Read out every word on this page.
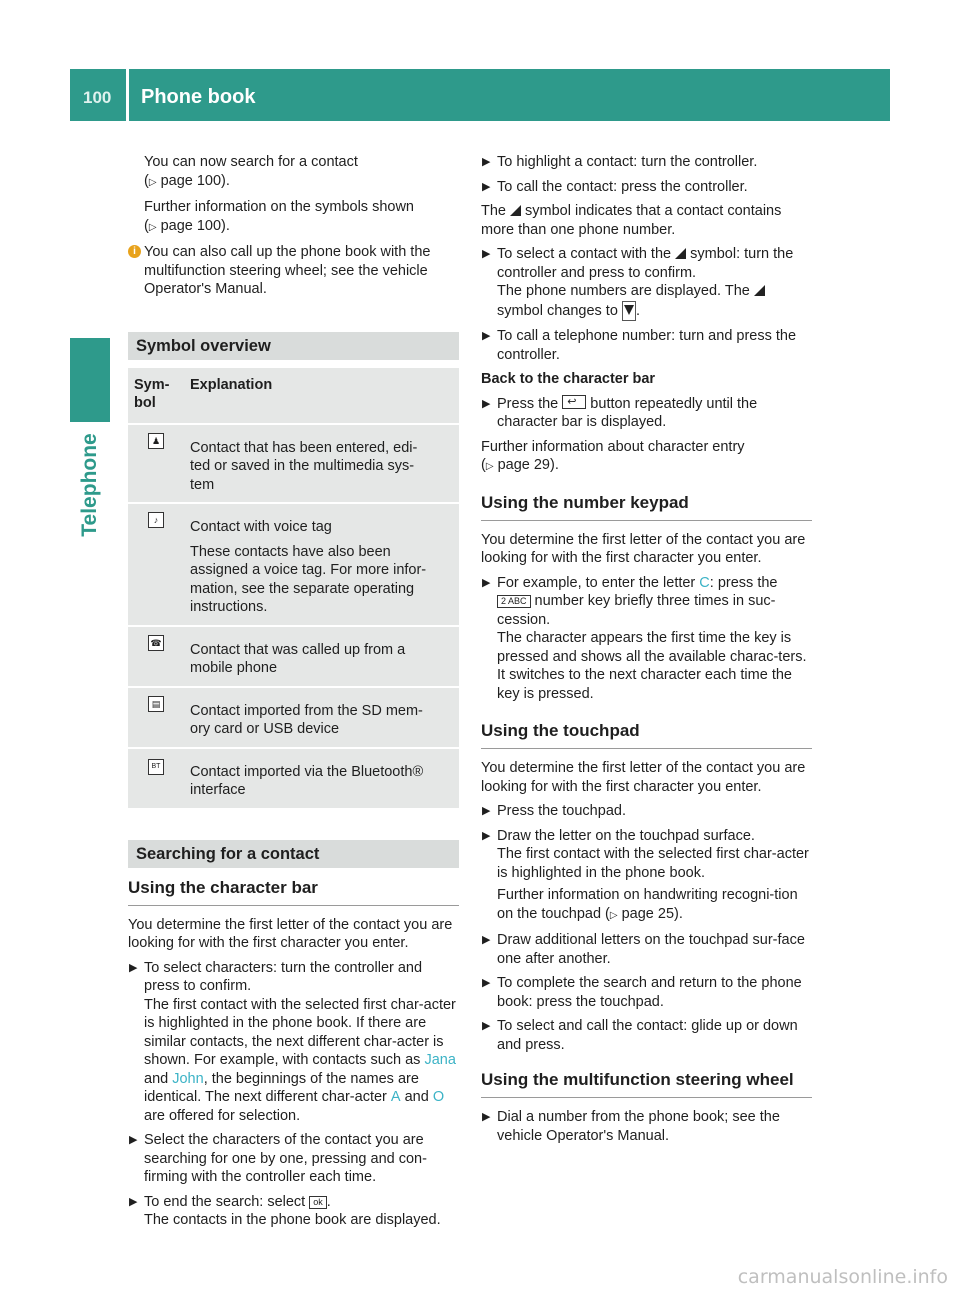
100 Phone book
Telephone
You can now search for a contact

(▷ page 100).

Further information on the symbols shown

(▷ page 100).

i You can also call up the phone book with the multifunction steering wheel; see the vehicle Operator's Manual.
Symbol overview
Sym-
bol	Explanation
♟	Contact that has been entered, edi-
ted or saved in the multimedia sys-
tem

♪	Contact with voice tag
These contacts have also been
assigned a voice tag. For more infor-
mation, see the separate operating
instructions.

☎	Contact that was called up from a
mobile phone

▤	Contact imported from the SD mem-
ory card or USB device

BT	Contact imported via the Bluetooth®
interface
Searching for a contact
Using the character bar

You determine the first letter of the contact you are looking for with the first character you enter.

▶ To select characters: turn the controller and press to confirm.
The first contact with the selected first char-acter is highlighted in the phone book. If there are similar contacts, the next different char-acter is shown. For example, with contacts such as Jana and John, the beginnings of the names are identical. The next different char-acter A and O are offered for selection.
▶ Select the characters of the contact you are searching for one by one, pressing and con-firming with the controller each time.
▶ To end the search: select ok .
The contacts in the phone book are displayed.
▶ To highlight a contact: turn the controller.
▶ To call the contact: press the controller.

The  symbol indicates that a contact contains more than one phone number.

▶ To select a contact with the  symbol: turn the controller and press to confirm.
The phone numbers are displayed. The
symbol changes to .
▶ To call a telephone number: turn and press the controller.

Back to the character bar

▶ Press the ↩ button repeatedly until the character bar is displayed.
Further information about character entry

(▷ page 29).

Using the number keypad

You determine the first letter of the contact you are looking for with the first character you enter.

▶ For example, to enter the letter C: press the
2 ABC number key briefly three times in suc-cession.
The character appears the first time the key is pressed and shows all the available charac-ters. It switches to the next character each time the key is pressed.
Using the touchpad

You determine the first letter of the contact you are looking for with the first character you enter.

▶ Press the touchpad.
▶ Draw the letter on the touchpad surface.
The first contact with the selected first char-acter is highlighted in the phone book.
Further information on handwriting recogni-tion on the touchpad (▷ page 25).
▶ Draw additional letters on the touchpad sur-face one after another.
▶ To complete the search and return to the phone book: press the touchpad.
▶ To select and call the contact: glide up or down and press.
Using the multifunction steering wheel
▶ Dial a number from the phone book; see the vehicle Operator's Manual.
carmanualsonline.info
